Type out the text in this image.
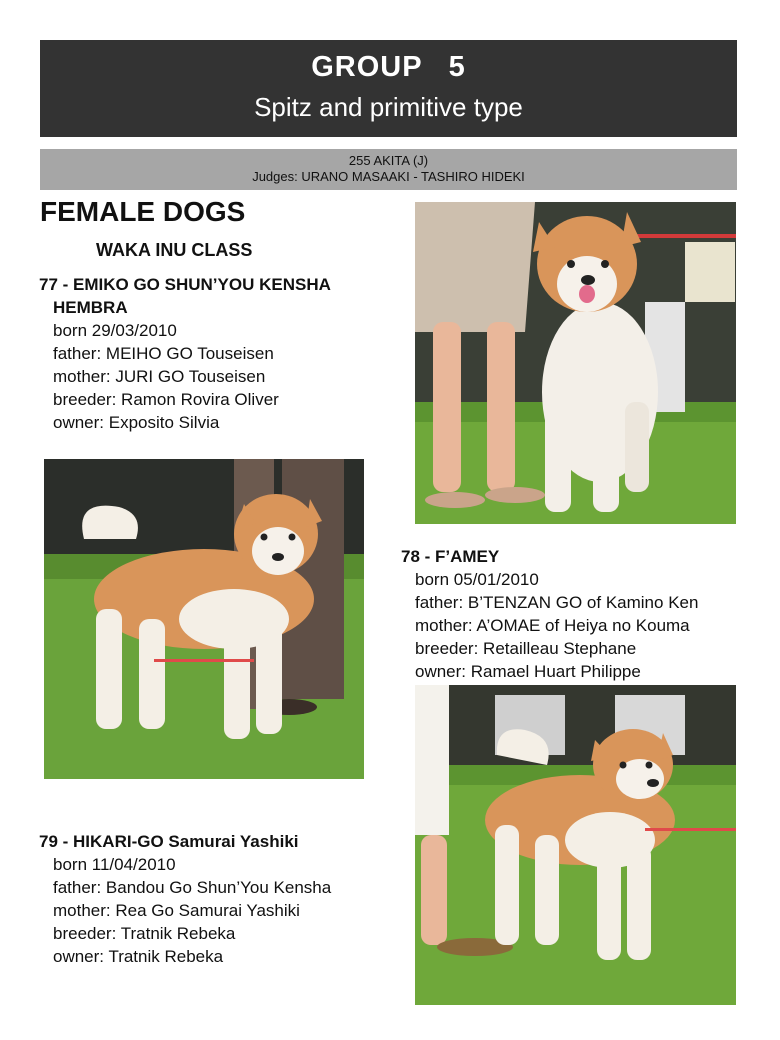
GROUP 5
Spitz and primitive type
255 AKITA (J)
Judges: URANO MASAAKI - TASHIRO HIDEKI
FEMALE DOGS
WAKA INU CLASS
77 - EMIKO GO SHUN’YOU KENSHA
HEMBRA
born 29/03/2010
father: MEIHO GO Touseisen
mother: JURI GO Touseisen
breeder: Ramon Rovira Oliver
owner: Exposito Silvia
78 - F’AMEY
born 05/01/2010
father: B’TENZAN GO of Kamino Ken
mother: A’OMAE of Heiya no Kouma
breeder: Retailleau Stephane
owner: Ramael Huart Philippe
79 - HIKARI-GO Samurai Yashiki
born 11/04/2010
father: Bandou Go Shun’You Kensha
mother: Rea Go Samurai Yashiki
breeder: Tratnik Rebeka
owner: Tratnik Rebeka
